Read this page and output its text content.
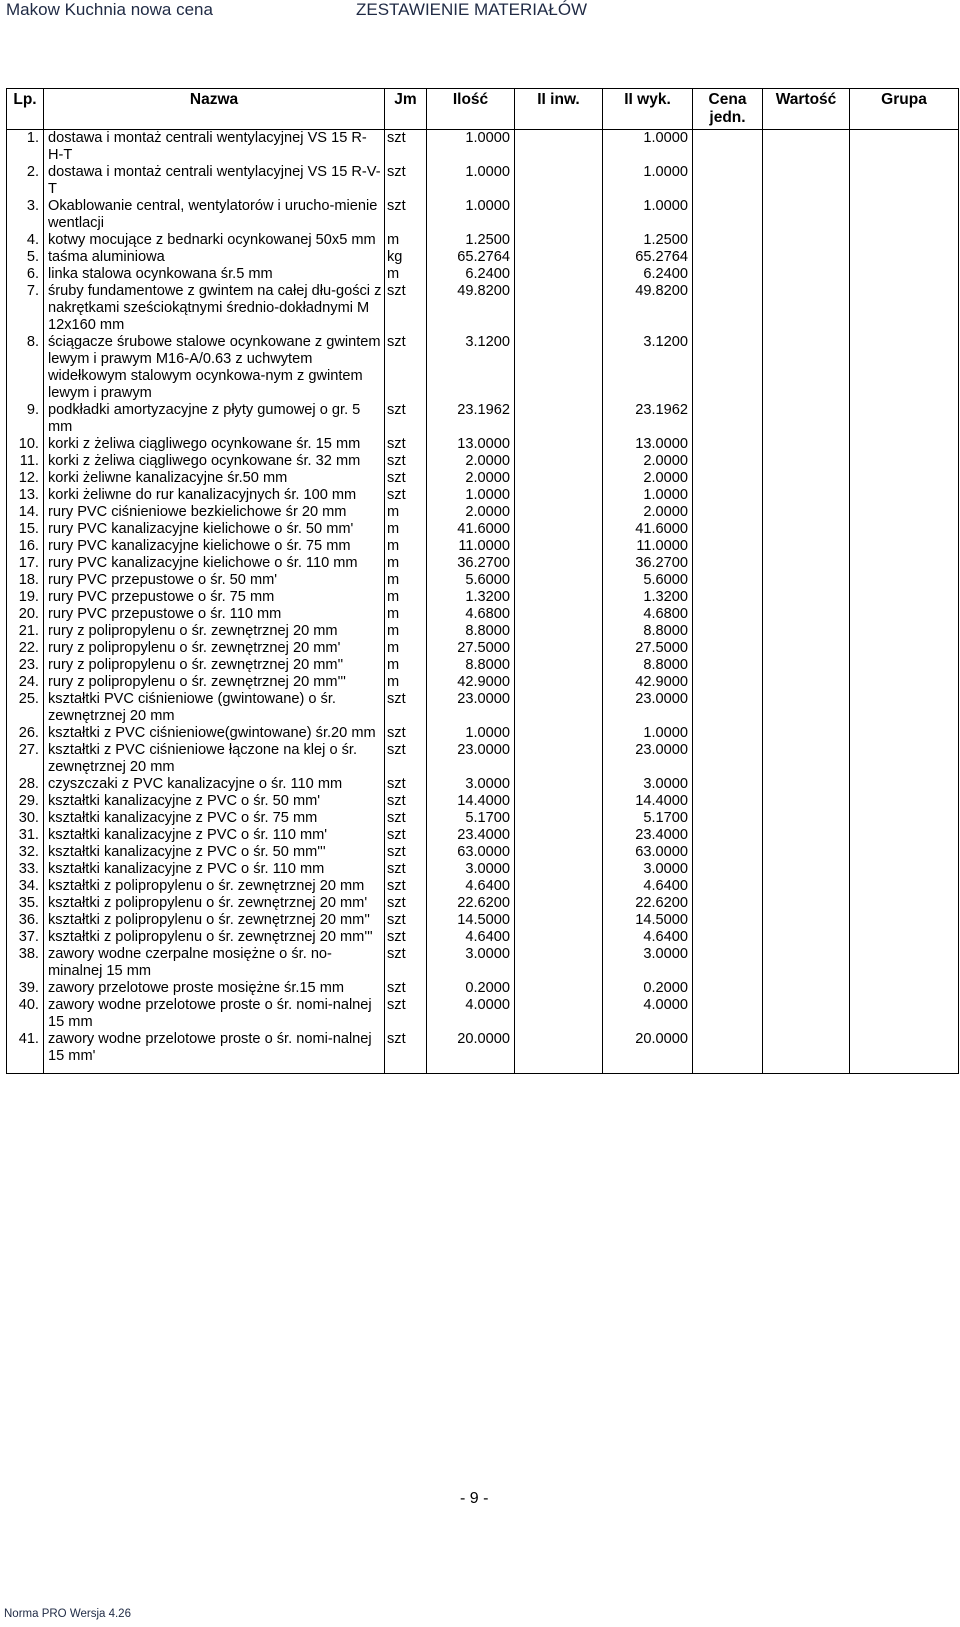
Makow Kuchnia nowa cena	ZESTAWIENIE MATERIAŁÓW
Lp.	Nazwa	Jm	Ilość	II inw.	II wyk.	Cena jedn.	Wartość	Grupa
1.	dostawa i montaż centrali wentylacyjnej VS 15 R-H-T	szt	1.0000		1.0000			
2.	dostawa i montaż centrali wentylacyjnej VS 15 R-V-T	szt	1.0000		1.0000			
3.	Okablowanie central, wentylatorów i urucho-mienie wentlacji	szt	1.0000		1.0000			
4.	kotwy mocujące z bednarki ocynkowanej 50x5 mm	m	1.2500		1.2500			
5.	taśma aluminiowa	kg	65.2764		65.2764			
6.	linka stalowa ocynkowana śr.5 mm	m	6.2400		6.2400			
7.	śruby fundamentowe z gwintem na całej dłu-gości z nakrętkami sześciokątnymi średnio-dokładnymi M 12x160 mm	szt	49.8200		49.8200			
8.	ściągacze śrubowe stalowe ocynkowane z gwintem lewym i prawym M16-A/0.63 z uchwytem widełkowym stalowym ocynkowa-nym z gwintem lewym i prawym	szt	3.1200		3.1200			
9.	podkładki amortyzacyjne z płyty gumowej o gr. 5 mm	szt	23.1962		23.1962			
10.	korki z żeliwa ciągliwego ocynkowane śr. 15 mm	szt	13.0000		13.0000			
11.	korki z żeliwa ciągliwego ocynkowane śr. 32 mm	szt	2.0000		2.0000			
12.	korki żeliwne kanalizacyjne śr.50 mm	szt	2.0000		2.0000			
13.	korki żeliwne do rur kanalizacyjnych śr. 100 mm	szt	1.0000		1.0000			
14.	rury PVC ciśnieniowe bezkielichowe śr 20 mm	m	2.0000		2.0000			
15.	rury PVC kanalizacyjne kielichowe o śr. 50 mm'	m	41.6000		41.6000			
16.	rury PVC kanalizacyjne kielichowe o śr. 75 mm	m	11.0000		11.0000			
17.	rury PVC kanalizacyjne kielichowe o śr. 110 mm	m	36.2700		36.2700			
18.	rury PVC przepustowe o śr. 50 mm'	m	5.6000		5.6000			
19.	rury PVC przepustowe o śr. 75 mm	m	1.3200		1.3200			
20.	rury PVC przepustowe o śr. 110 mm	m	4.6800		4.6800			
21.	rury z polipropylenu o śr. zewnętrznej 20 mm	m	8.8000		8.8000			
22.	rury z polipropylenu o śr. zewnętrznej 20 mm'	m	27.5000		27.5000			
23.	rury z polipropylenu o śr. zewnętrznej 20 mm''	m	8.8000		8.8000			
24.	rury z polipropylenu o śr. zewnętrznej 20 mm'''	m	42.9000		42.9000			
25.	kształtki PVC ciśnieniowe (gwintowane) o śr. zewnętrznej 20 mm	szt	23.0000		23.0000			
26.	kształtki z PVC ciśnieniowe(gwintowane) śr.20 mm	szt	1.0000		1.0000			
27.	kształtki z PVC ciśnieniowe łączone na klej o śr. zewnętrznej 20 mm	szt	23.0000		23.0000			
28.	czyszczaki z PVC kanalizacyjne o śr. 110 mm	szt	3.0000		3.0000			
29.	kształtki kanalizacyjne z PVC o śr. 50 mm'	szt	14.4000		14.4000			
30.	kształtki kanalizacyjne z PVC o śr. 75 mm	szt	5.1700		5.1700			
31.	kształtki kanalizacyjne z PVC o śr. 110 mm'	szt	23.4000		23.4000			
32.	kształtki kanalizacyjne z PVC o śr. 50 mm'''	szt	63.0000		63.0000			
33.	kształtki kanalizacyjne z PVC o śr. 110 mm	szt	3.0000		3.0000			
34.	kształtki z polipropylenu o śr. zewnętrznej 20 mm	szt	4.6400		4.6400			
35.	kształtki z polipropylenu o śr. zewnętrznej 20 mm'	szt	22.6200		22.6200			
36.	kształtki z polipropylenu o śr. zewnętrznej 20 mm''	szt	14.5000		14.5000			
37.	kształtki z polipropylenu o śr. zewnętrznej 20 mm'''	szt	4.6400		4.6400			
38.	zawory wodne czerpalne mosiężne o śr. no-minalnej 15 mm	szt	3.0000		3.0000			
39.	zawory przelotowe proste mosiężne śr.15 mm	szt	0.2000		0.2000			
40.	zawory wodne przelotowe proste o śr. nomi-nalnej 15 mm	szt	4.0000		4.0000			
41.	zawory wodne przelotowe proste o śr. nomi-nalnej 15 mm'	szt	20.0000		20.0000			

- 9 -
Norma PRO Wersja 4.26
